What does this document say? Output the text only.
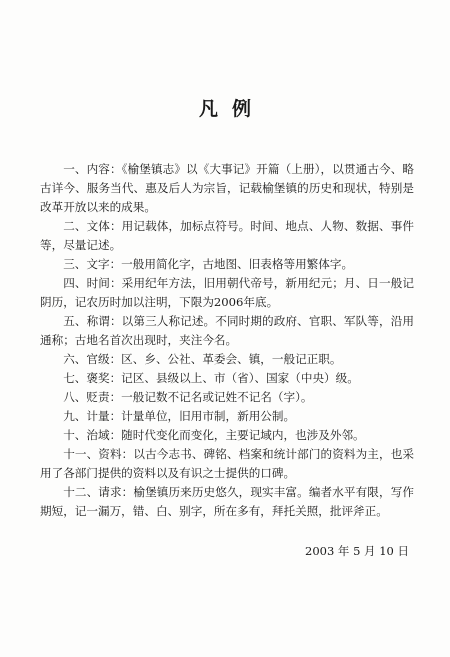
凡例

一、内容：《榆堡镇志》以《大事记》开篇（上册），以贯通古今、略古详今、服务当代、惠及后人为宗旨，记载榆堡镇的历史和现状，特别是改革开放以来的成果。

二、文体：用记载体，加标点符号。时间、地点、人物、数据、事件等，尽量记述。

三、文字：一般用简化字，古地图、旧表格等用繁体字。

四、时间：采用纪年方法，旧用朝代帝号，新用纪元；月、日一般记阴历，记农历时加以注明，下限为2006年底。

五、称谓：以第三人称记述。不同时期的政府、官职、军队等，沿用通称；古地名首次出现时，夹注今名。

六、官级：区、乡、公社、革委会、镇，一般记正职。

七、褒奖：记区、县级以上、市（省）、国家（中央）级。

八、贬责：一般记数不记名或记姓不记名（字）。

九、计量：计量单位，旧用市制，新用公制。

十、治域：随时代变化而变化，主要记域内，也涉及外邻。

十一、资料：以古今志书、碑铭、档案和统计部门的资料为主，也采用了各部门提供的资料以及有识之士提供的口碑。

十二、请求：榆堡镇历来历史悠久，现实丰富。编者水平有限，写作期短，记一漏万，错、白、别字，所在多有，拜托关照，批评斧正。

2003 年 5 月 10 日
